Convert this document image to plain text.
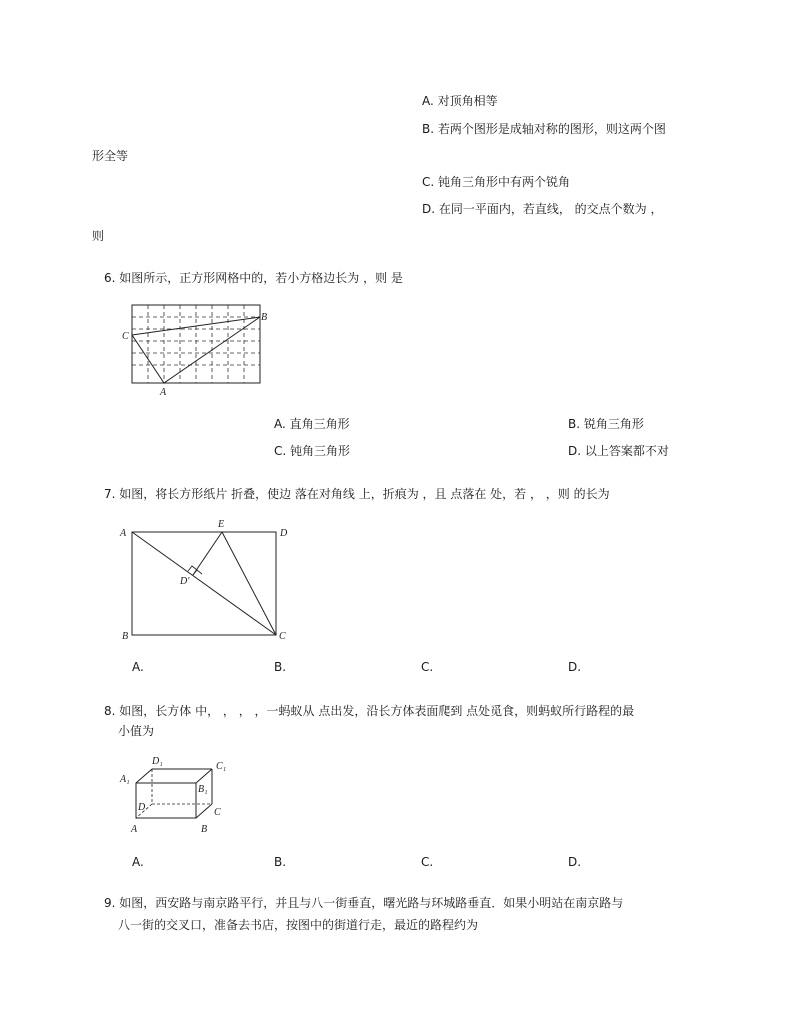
A. 对顶角相等
B. 若两个图形是成轴对称的图形，则这两个图
形全等
C. 钝角三角形中有两个锐角
D. 在同一平面内，若直线， 的交点个数为 ，
则
6. 如图所示，正方形网格中的，若小方格边长为 ，则 是
C
B
A
A. 直角三角形	B. 锐角三角形
C. 钝角三角形	D. 以上答案都不对
7. 如图，将长方形纸片 折叠，使边 落在对角线 上，折痕为 ，且 点落在 处，若 ， ，则 的长为
A
E
D
D'
B	C
A.	B.	C.	D.
8. 如图，长方体 中， ， ， ，一蚂蚁从 点出发，沿长方体表面爬到 点处觅食，则蚂蚁所行路程的最
小值为
D₁	C₁
A₁
B₁
D	C
A	B
A.	B.	C.	D.
9. 如图，西安路与南京路平行，并且与八一街垂直，曙光路与环城路垂直．如果小明站在南京路与
八一街的交叉口，准备去书店，按图中的街道行走，最近的路程约为
